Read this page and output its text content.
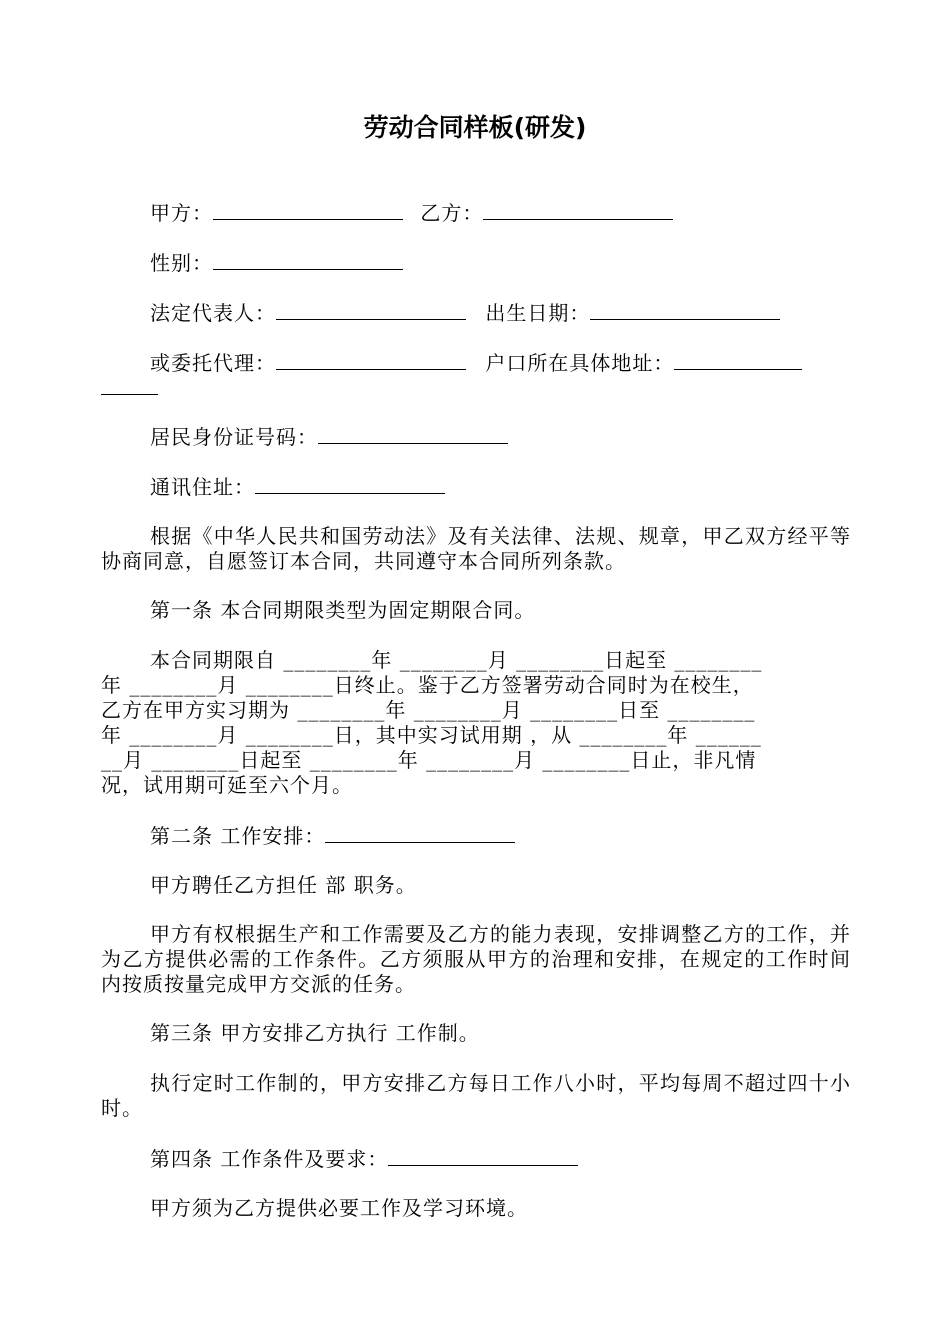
劳动合同样板(研发)
甲方：	乙方：
性别：
法定代表人：	出生日期：
或委托代理：	户口所在具体地址：
居民身份证号码：
通讯住址：
根据《中华人民共和国劳动法》及有关法律、法规、规章，甲乙双方经平等协商同意，自愿签订本合同，共同遵守本合同所列条款。
第一条 本合同期限类型为固定期限合同。
本合同期限自 ________年 ________月 ________日起至 ________
年 ________月 ________日终止。鉴于乙方签署劳动合同时为在校生，
乙方在甲方实习期为 ________年 ________月 ________日至 ________
年 ________月 ________日，其中实习试用期 ，从 ________年 ______
__月 ________日起至 ________年 ________月 ________日止，非凡情
况，试用期可延至六个月。
第二条 工作安排：
甲方聘任乙方担任 部 职务。
甲方有权根据生产和工作需要及乙方的能力表现，安排调整乙方的工作，并为乙方提供必需的工作条件。乙方须服从甲方的治理和安排，在规定的工作时间内按质按量完成甲方交派的任务。
第三条 甲方安排乙方执行 工作制。
执行定时工作制的，甲方安排乙方每日工作八小时，平均每周不超过四十小时。
第四条 工作条件及要求：
甲方须为乙方提供必要工作及学习环境。
